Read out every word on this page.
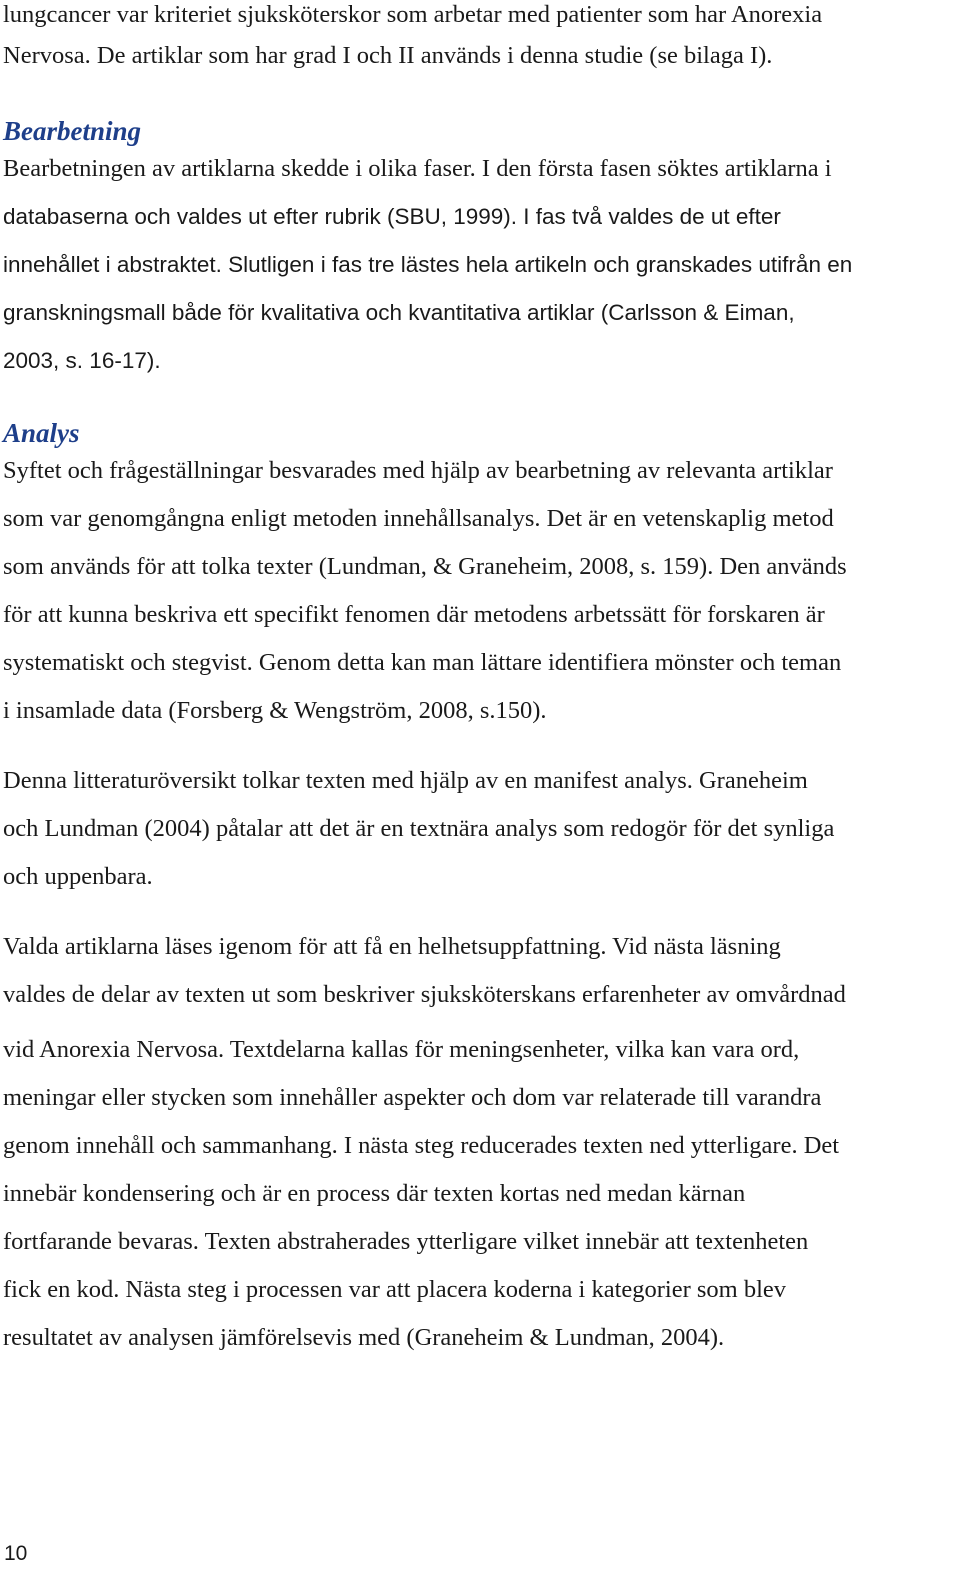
lungcancer var kriteriet sjuksköterskor som arbetar med patienter som har Anorexia
Nervosa. De artiklar som har grad I och II används i denna studie (se bilaga I).
Bearbetning
Bearbetningen av artiklarna skedde i olika faser. I den första fasen söktes artiklarna i
databaserna och valdes ut efter rubrik (SBU, 1999). I fas två valdes de ut efter
innehållet i abstraktet. Slutligen i fas tre lästes hela artikeln och granskades utifrån en
granskningsmall både för kvalitativa och kvantitativa artiklar (Carlsson & Eiman,
2003, s. 16-17).
Analys
Syftet och frågeställningar besvarades med hjälp av bearbetning av relevanta artiklar
som var genomgångna enligt metoden innehållsanalys. Det är en vetenskaplig metod
som används för att tolka texter (Lundman, & Graneheim, 2008, s. 159). Den används
för att kunna beskriva ett specifikt fenomen där metodens arbetssätt för forskaren är
systematiskt och stegvist. Genom detta kan man lättare identifiera mönster och teman
i insamlade data (Forsberg & Wengström, 2008, s.150).
Denna litteraturöversikt tolkar texten med hjälp av en manifest analys. Graneheim
och Lundman (2004) påtalar att det är en textnära analys som redogör för det synliga
och uppenbara.
Valda artiklarna läses igenom för att få en helhetsuppfattning. Vid nästa läsning
valdes de delar av texten ut som beskriver sjuksköterskans erfarenheter av omvårdnad
vid Anorexia Nervosa. Textdelarna kallas för meningsenheter, vilka kan vara ord,
meningar eller stycken som innehåller aspekter och dom var relaterade till varandra
genom innehåll och sammanhang. I nästa steg reducerades texten ned ytterligare. Det
innebär kondensering och är en process där texten kortas ned medan kärnan
fortfarande bevaras. Texten abstraherades ytterligare vilket innebär att textenheten
fick en kod. Nästa steg i processen var att placera koderna i kategorier som blev
resultatet av analysen jämförelsevis med (Graneheim & Lundman, 2004).
10
